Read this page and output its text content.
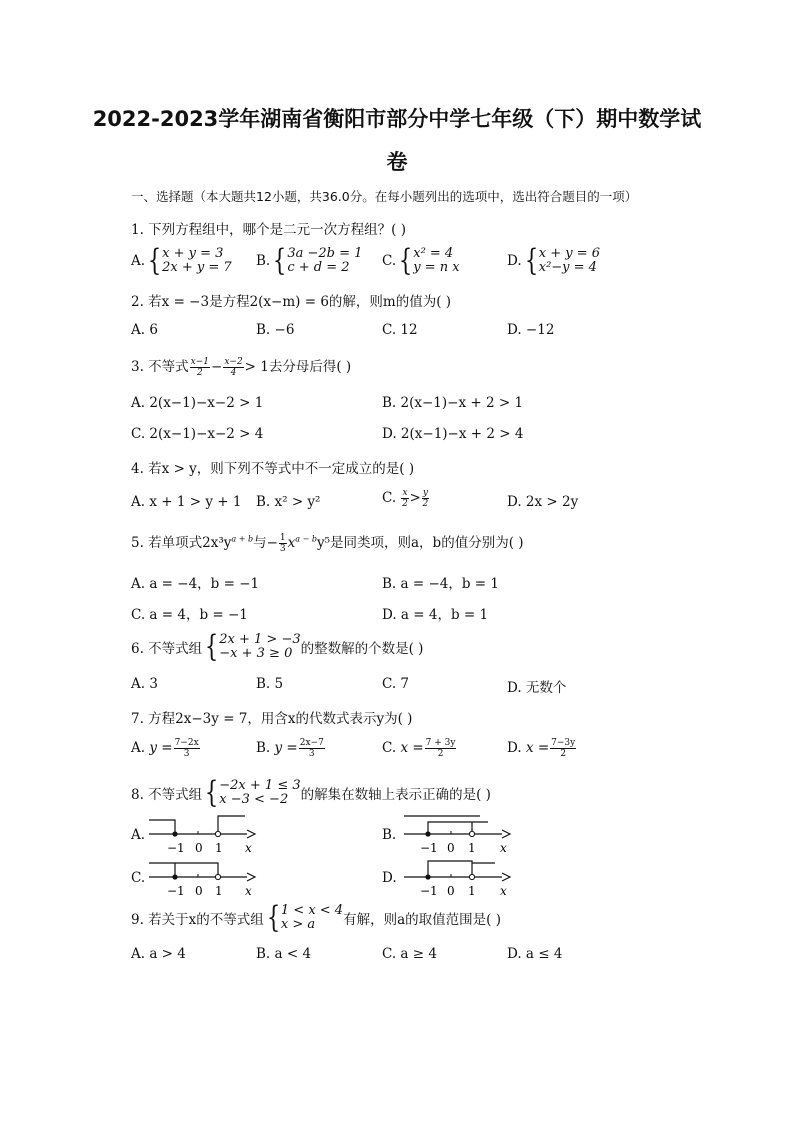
2022-2023学年湖南省衡阳市部分中学七年级（下）期中数学试
卷
一、选择题（本大题共12小题，共36.0分。在每小题列出的选项中，选出符合题目的一项）
1. 下列方程组中，哪个是二元一次方程组？( )
A. { x + y = 3
2x + y = 7 B. { 3a −2b = 1
c + d = 2	C. { x² = 4
y = n x	D. { x + y = 6
x²−y = 4
2. 若x = −3是方程2(x−m) = 6的解，则m的值为( )
A. 6	B. −6	C. 12	D. −12
3. 不等式 $\frac{x-1}{2} - \frac{x-2}{4} > 1$去分母后得( )
A. 2(x−1)−x−2 > 1	B. 2(x−1)−x + 2 > 1
C. 2(x−1)−x−2 > 4	D. 2(x−1)−x + 2 > 4
4. 若x > y，则下列不等式中不一定成立的是( )
A. x + 1 > y + 1 B. x² > y²	C. $\frac{x}{2} > \frac{y}{2}$	D. 2x > 2y
5. 若单项式$2x^3y^{a + b}$与− $\frac{1}{3} x^{a - b}y^5$是同类项，则a，b的值分别为( )
A. a = −4，b = −1	B. a = −4，b = 1
C. a = 4，b = −1	D. a = 4，b = 1
6. 不等式组 { 2x + 1 > −3
−x + 3 ≥ 0 的整数解的个数是( )
A. 3	B. 5	C. 7	D. 无数个
7. 方程2x−3y = 7，用含x的代数式表示y为( )
A. $y = \frac{7-2x}{3}$	B. $y = \frac{2x-7}{3}$	C. $x = \frac{7 + 3y}{2}$	D. $x = \frac{7-3y}{2}$
8. 不等式组 { −2x + 1 ≤ 3
x −3 < −2 的解集在数轴上表示正确的是( )
A.
−1 0 1 x
B.
−1 0 1 x
C.
−1 0 1 x
D.
−1 0 1 x
9. 若关于x的不等式组 { 1 < x < 4
x > a	有解，则a的取值范围是( )
A. a > 4	B. a < 4	C. a ≥ 4	D. a ≤ 4
